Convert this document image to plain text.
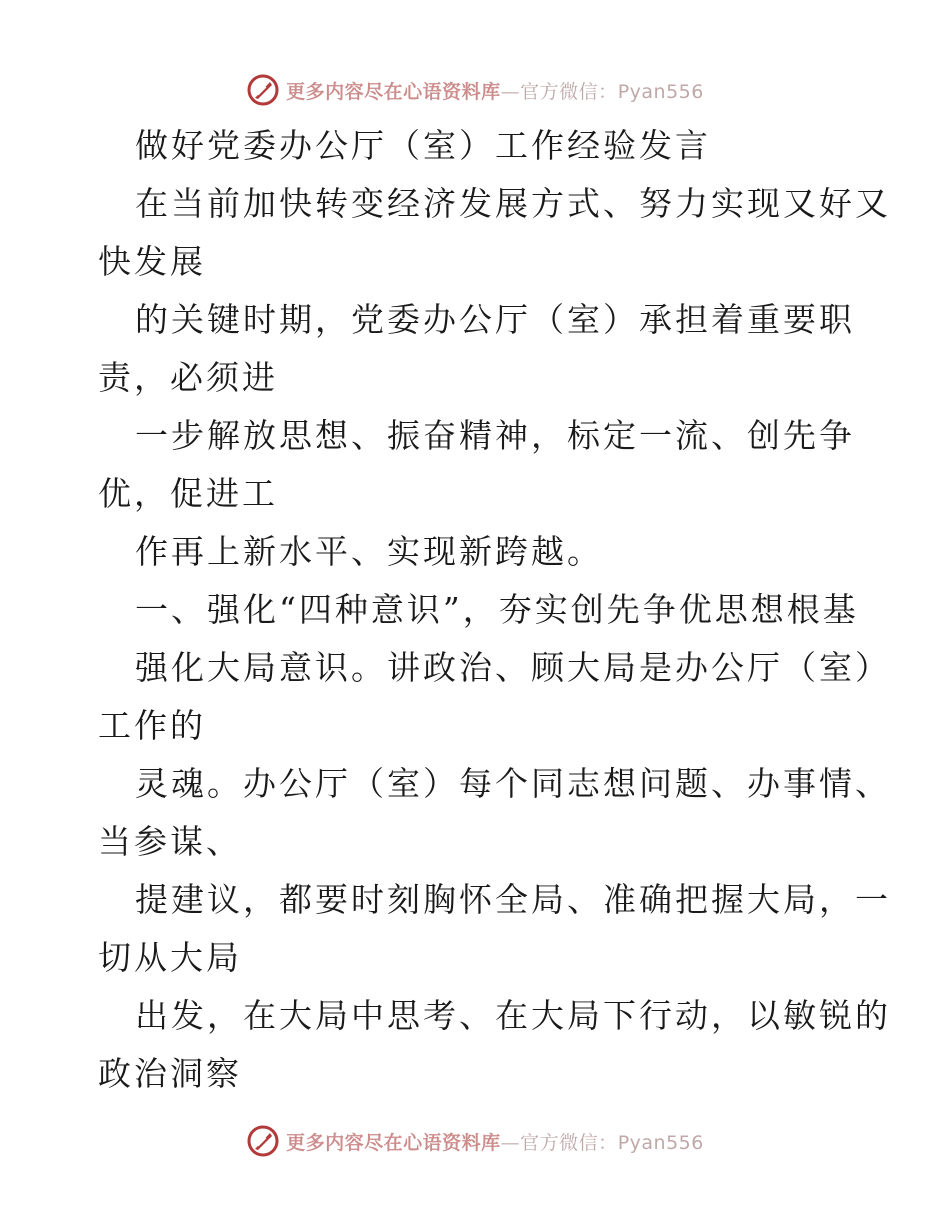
更多内容尽在心语资料库—官方微信：Pyan556
做好党委办公厅（室）工作经验发言
在当前加快转变经济发展方式、努力实现又好又
快发展
的关键时期，党委办公厅（室）承担着重要职
责，必须进
一步解放思想、振奋精神，标定一流、创先争
优，促进工
作再上新水平、实现新跨越。
一、强化“四种意识”，夯实创先争优思想根基
强化大局意识。讲政治、顾大局是办公厅（室）
工作的
灵魂。办公厅（室）每个同志想问题、办事情、
当参谋、
提建议，都要时刻胸怀全局、准确把握大局，一
切从大局
出发，在大局中思考、在大局下行动，以敏锐的
政治洞察
更多内容尽在心语资料库—官方微信：Pyan556
